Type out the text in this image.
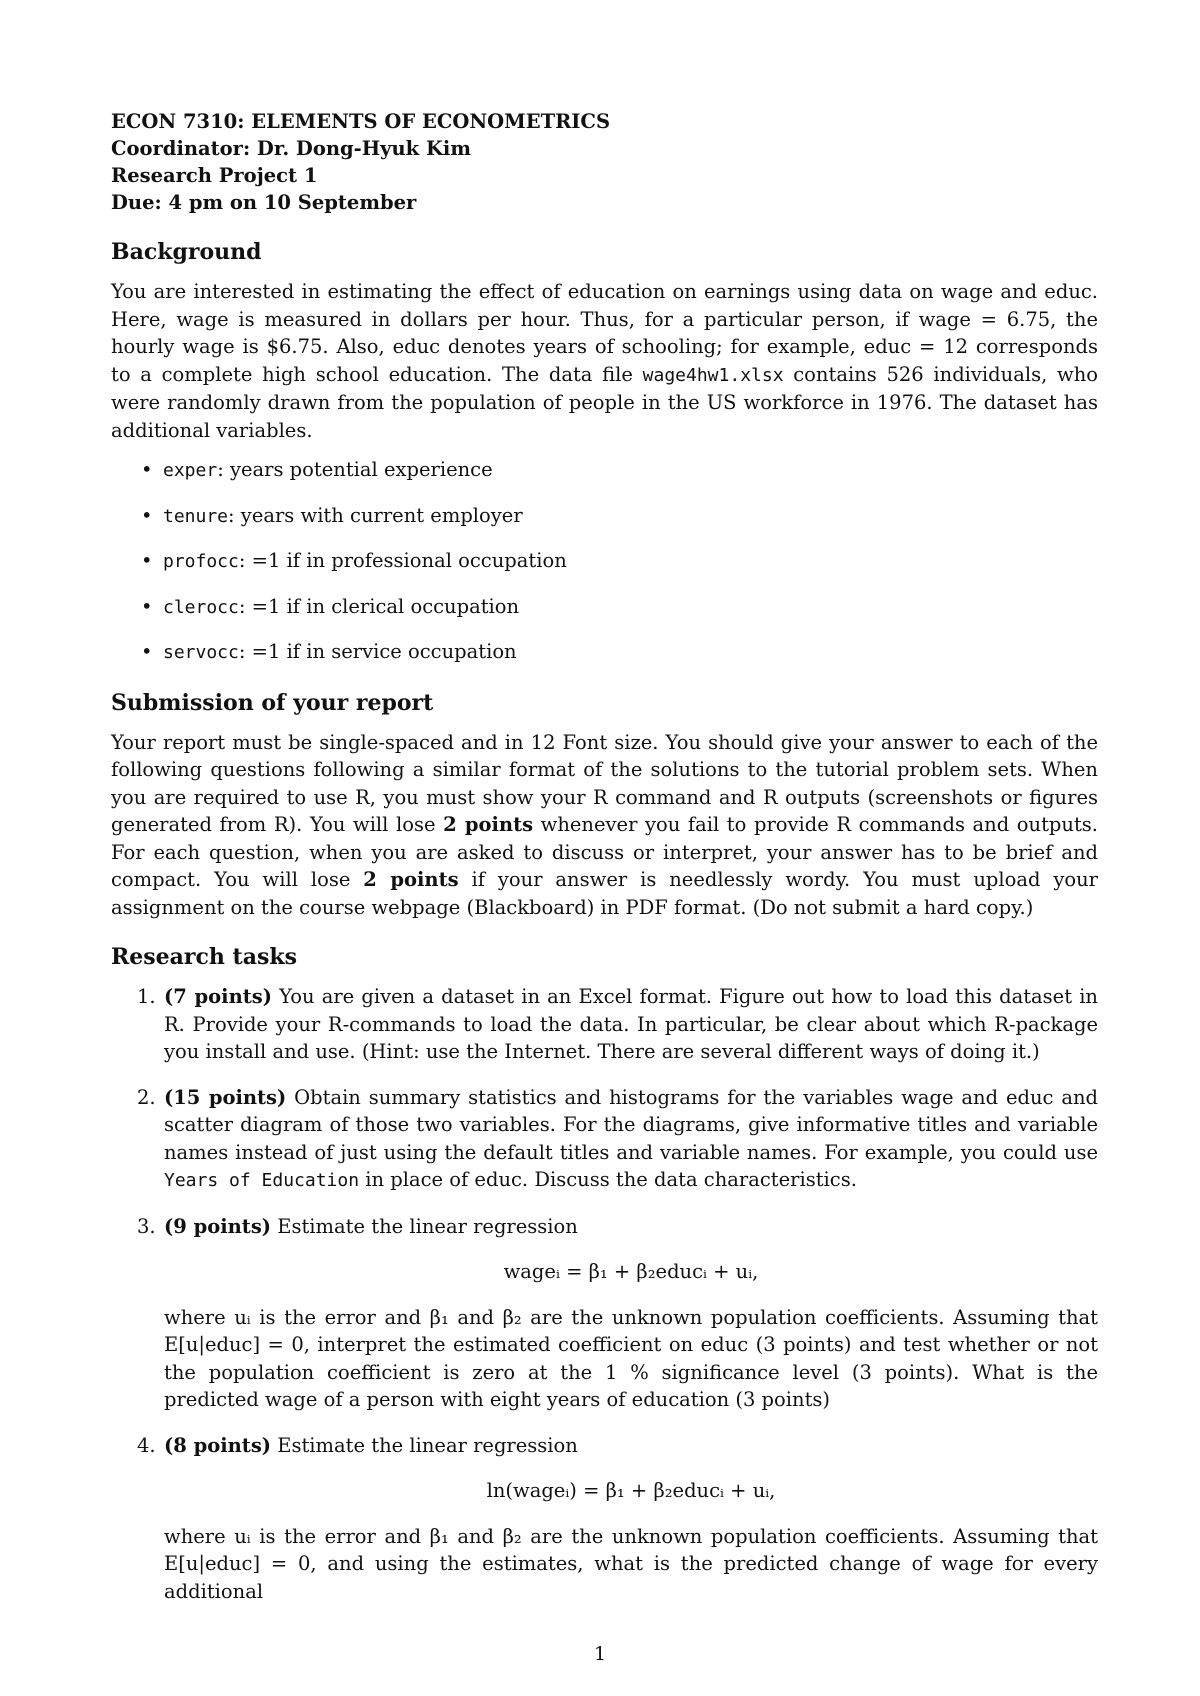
ECON 7310: ELEMENTS OF ECONOMETRICS
Coordinator: Dr. Dong-Hyuk Kim
Research Project 1
Due: 4 pm on 10 September
Background

You are interested in estimating the effect of education on earnings using data on wage and educ. Here, wage is measured in dollars per hour. Thus, for a particular person, if wage = 6.75, the hourly wage is $6.75. Also, educ denotes years of schooling; for example, educ = 12 corresponds to a complete high school education. The data file wage4hw1.xlsx contains 526 individuals, who were randomly drawn from the population of people in the US workforce in 1976. The dataset has additional variables.

• exper: years potential experience
• tenure: years with current employer
• profocc: =1 if in professional occupation
• clerocc: =1 if in clerical occupation
• servocc: =1 if in service occupation
Submission of your report

Your report must be single-spaced and in 12 Font size. You should give your answer to each of the following questions following a similar format of the solutions to the tutorial problem sets. When you are required to use R, you must show your R command and R outputs (screenshots or figures generated from R). You will lose 2 points whenever you fail to provide R commands and outputs. For each question, when you are asked to discuss or interpret, your answer has to be brief and compact. You will lose 2 points if your answer is needlessly wordy. You must upload your assignment on the course webpage (Blackboard) in PDF format. (Do not submit a hard copy.)

Research tasks
1. (7 points) You are given a dataset in an Excel format. Figure out how to load this dataset in R. Provide your R-commands to load the data. In particular, be clear about which R-package you install and use. (Hint: use the Internet. There are several different ways of doing it.)
2. (15 points) Obtain summary statistics and histograms for the variables wage and educ and scatter diagram of those two variables. For the diagrams, give informative titles and variable names instead of just using the default titles and variable names. For example, you could use Years of Education in place of educ. Discuss the data characteristics.
3. (9 points) Estimate the linear regression
wageᵢ = β₁ + β₂educᵢ + uᵢ,

where uᵢ is the error and β₁ and β₂ are the unknown population coefficients. Assuming that E[u|educ] = 0, interpret the estimated coefficient on educ (3 points) and test whether or not the population coefficient is zero at the 1 % significance level (3 points). What is the predicted wage of a person with eight years of education (3 points)

4. (8 points) Estimate the linear regression
ln(wageᵢ) = β₁ + β₂educᵢ + uᵢ,

where uᵢ is the error and β₁ and β₂ are the unknown population coefficients. Assuming that E[u|educ] = 0, and using the estimates, what is the predicted change of wage for every additional

1
